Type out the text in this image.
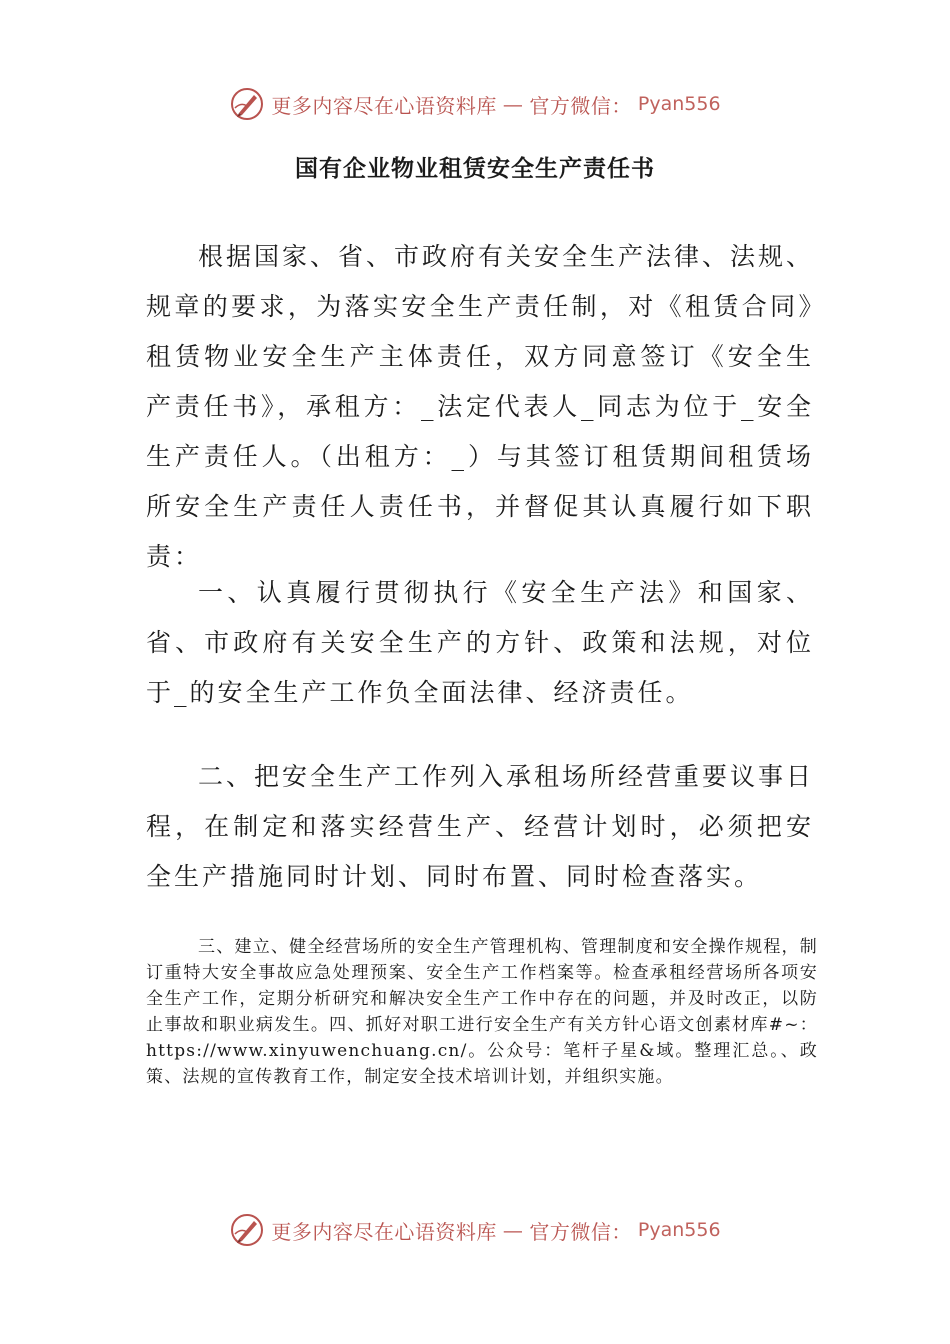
更多内容尽在心语资料库 — 官方微信： Pyan556
国有企业物业租赁安全生产责任书

根据国家、省、市政府有关安全生产法律、法规、规章的要求，为落实安全生产责任制，对《租赁合同》租赁物业安全生产主体责任，双方同意签订《安全生产责任书》，承租方：_法定代表人_同志为位于_安全生产责任人。（出租方：_）与其签订租赁期间租赁场所安全生产责任人责任书，并督促其认真履行如下职责：

一、认真履行贯彻执行《安全生产法》和国家、省、市政府有关安全生产的方针、政策和法规，对位于_的安全生产工作负全面法律、经济责任。

二、把安全生产工作列入承租场所经营重要议事日程，在制定和落实经营生产、经营计划时，必须把安全生产措施同时计划、同时布置、同时检查落实。

三、建立、健全经营场所的安全生产管理机构、管理制度和安全操作规程，制订重特大安全事故应急处理预案、安全生产工作档案等。检查承租经营场所各项安全生产工作，定期分析研究和解决安全生产工作中存在的问题，并及时改正，以防止事故和职业病发生。四、抓好对职工进行安全生产有关方针心语文创素材库#~：https://www.xinyuwenchuang.cn/。公众号：笔杆子星&域。整理汇总。、政策、法规的宣传教育工作，制定安全技术培训计划，并组织实施。

更多内容尽在心语资料库 — 官方微信： Pyan556
